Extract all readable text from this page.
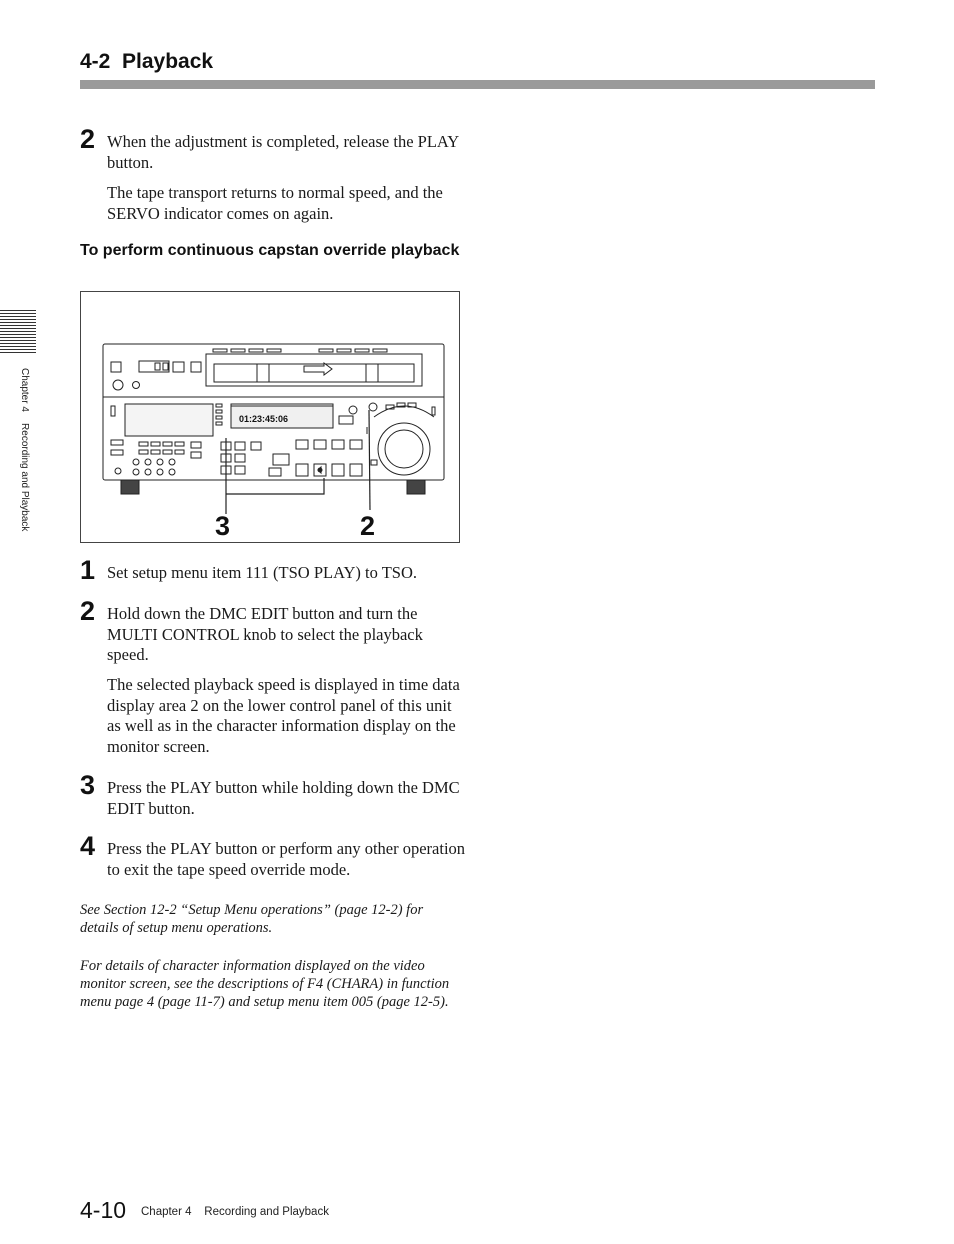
4-2  Playback
Chapter 4    Recording and Playback
2 When the adjustment is completed, release the PLAY button.
The tape transport returns to normal speed, and the SERVO indicator comes on again.
To perform continuous capstan override playback
01:23:45:06
3	2
1 Set setup menu item 111 (TSO PLAY) to TSO.
2 Hold down the DMC EDIT button and turn the MULTI CONTROL knob to select the playback speed.
The selected playback speed is displayed in time data display area 2 on the lower control panel of this unit as well as in the character information display on the monitor screen.
3 Press the PLAY button while holding down the DMC EDIT button.
4 Press the PLAY button or perform any other operation to exit the tape speed override mode.
See Section 12-2 “Setup Menu operations” (page 12-2) for details of setup menu operations.
For details of character information displayed on the video monitor screen, see the descriptions of F4 (CHARA) in function menu page 4 (page 11-7) and setup menu item 005 (page 12-5).
4-10 Chapter 4    Recording and Playback
